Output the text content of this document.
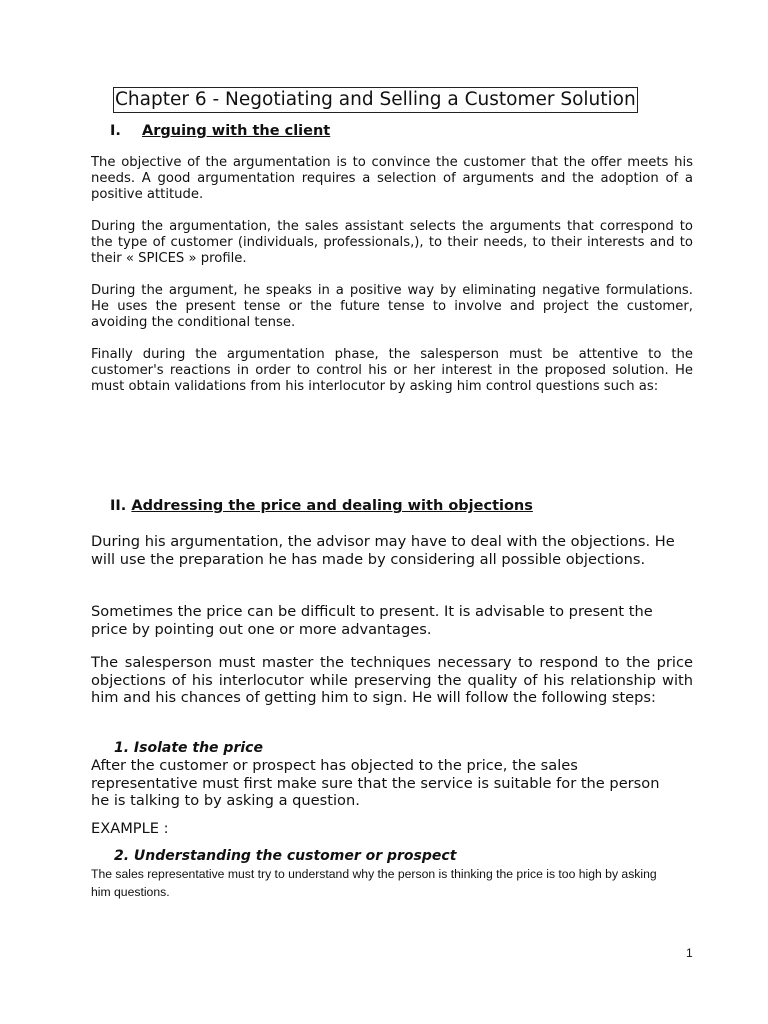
Chapter 6 - Negotiating and Selling a Customer Solution
I. Arguing with the client

The objective of the argumentation is to convince the customer that the offer meets his needs. A good argumentation requires a selection of arguments and the adoption of a positive attitude.

During the argumentation, the sales assistant selects the arguments that correspond to the type of customer (individuals, professionals,), to their needs, to their interests and to their « SPICES » profile.

During the argument, he speaks in a positive way by eliminating negative formulations. He uses the present tense or the future tense to involve and project the customer, avoiding the conditional tense.

Finally during the argumentation phase, the salesperson must be attentive to the customer's reactions in order to control his or her interest in the proposed solution. He must obtain validations from his interlocutor by asking him control questions such as:

II. Addressing the price and dealing with objections

During his argumentation, the advisor may have to deal with the objections. He will use the preparation he has made by considering all possible objections.

Sometimes the price can be difficult to present. It is advisable to present the price by pointing out one or more advantages.

The salesperson must master the techniques necessary to respond to the price objections of his interlocutor while preserving the quality of his relationship with him and his chances of getting him to sign. He will follow the following steps:

1. Isolate the price

After the customer or prospect has objected to the price, the sales representative must first make sure that the service is suitable for the person he is talking to by asking a question.

EXAMPLE :
2. Understanding the customer or prospect

The sales representative must try to understand why the person is thinking the price is too high by asking him questions.

1
